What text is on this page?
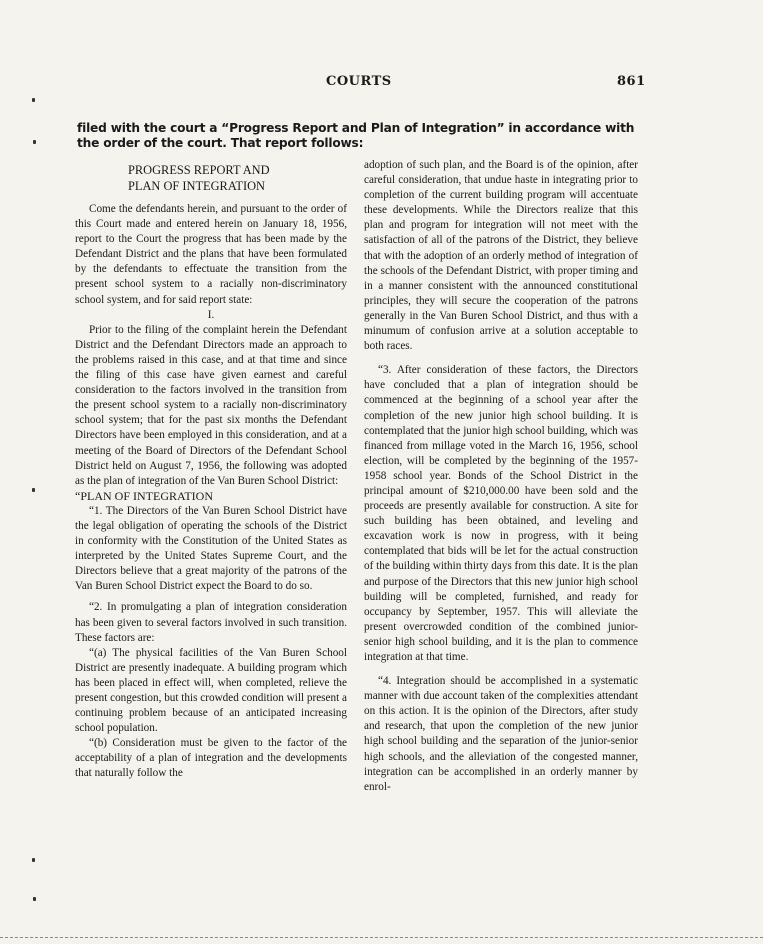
COURTS	861
filed with the court a “Progress Report and Plan of Integration” in accordance with the order of the court. That report follows:
PROGRESS REPORT AND
PLAN OF INTEGRATION

Come the defendants herein, and pursuant to the order of this Court made and entered herein on January 18, 1956, report to the Court the progress that has been made by the Defendant District and the plans that have been formulated by the defendants to effectuate the transition from the present school system to a racially non-discriminatory school system, and for said report state:

I.

Prior to the filing of the complaint herein the Defendant District and the Defendant Directors made an approach to the problems raised in this case, and at that time and since the filing of this case have given earnest and careful consideration to the factors involved in the transition from the present school system to a racially non-discriminatory school system; that for the past six months the Defendant Directors have been employed in this consideration, and at a meeting of the Board of Directors of the Defendant School District held on August 7, 1956, the following was adopted as the plan of integration of the Van Buren School District:

“PLAN OF INTEGRATION

“1. The Directors of the Van Buren School District have the legal obligation of operating the schools of the District in conformity with the Constitution of the United States as interpreted by the United States Supreme Court, and the Directors believe that a great majority of the patrons of the Van Buren School District expect the Board to do so.

“2. In promulgating a plan of integration consideration has been given to several factors involved in such transition. These factors are:

“(a) The physical facilities of the Van Buren School District are presently inadequate. A building program which has been placed in effect will, when completed, relieve the present congestion, but this crowded condition will present a continuing problem because of an anticipated increasing school population.

“(b) Consideration must be given to the factor of the acceptability of a plan of integration and the developments that naturally follow the

adoption of such plan, and the Board is of the opinion, after careful consideration, that undue haste in integrating prior to completion of the current building program will accentuate these developments. While the Directors realize that this plan and program for integration will not meet with the satisfaction of all of the patrons of the District, they believe that with the adoption of an orderly method of integration of the schools of the Defendant District, with proper timing and in a manner consistent with the announced constitutional principles, they will secure the cooperation of the patrons generally in the Van Buren School District, and thus with a minumum of confusion arrive at a solution acceptable to both races.

“3. After consideration of these factors, the Directors have concluded that a plan of integration should be commenced at the beginning of a school year after the completion of the new junior high school building. It is contemplated that the junior high school building, which was financed from millage voted in the March 16, 1956, school election, will be completed by the beginning of the 1957-1958 school year. Bonds of the School District in the principal amount of $210,000.00 have been sold and the proceeds are presently available for construction. A site for such building has been obtained, and leveling and excavation work is now in progress, with it being contemplated that bids will be let for the actual construction of the building within thirty days from this date. It is the plan and purpose of the Directors that this new junior high school building will be completed, furnished, and ready for occupancy by September, 1957. This will alleviate the present overcrowded condition of the combined junior-senior high school building, and it is the plan to commence integration at that time.

“4. Integration should be accomplished in a systematic manner with due account taken of the complexities attendant on this action. It is the opinion of the Directors, after study and research, that upon the completion of the new junior high school building and the separation of the junior-senior high schools, and the alleviation of the congested manner, integration can be accomplished in an orderly manner by enrol-
